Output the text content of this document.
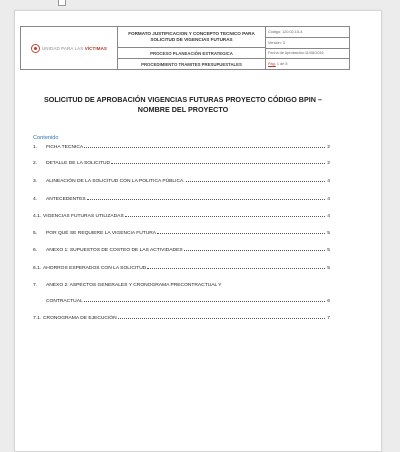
UNIDAD PARA LAS VÍCTIMAS
FORMATO JUSTIFICACION Y CONCEPTO TECNICO PARA SOLICITUD DE VIGENCIAS FUTURAS
PROCESO PLANEACIÓN ESTRATEGICA
PROCEDIMIENTO TRAMITES PRESUPUESTALES
Código: 120.02.15-4
Versión: 3
Fecha de Aprobación:11/08/2016
Pág.
1 de 5
SOLICITUD DE APROBACIÓN VIGENCIAS FUTURAS PROYECTO CÓDIGO BPIN –NOMBRE DEL PROYECTO
Contenido
1.	FICHA TECNICA	2
2.	DETALLE DE LA SOLICITUD	2
3.	ALINEACIÓN DE LA SOLICITUD CON LA POLITICA PÚBLICA.	4
4.	ANTECEDENTES	4
4.1. VIGENCIAS FUTURAS UTILIZADAS	4
5.	POR QUÉ SE REQUIERE LA VIGENCIA FUTURA	5
6.	ANEXO 1: SUPUESTOS DE COSTEO DE LAS ACTIVIDADES	5
6.1. AHORROS ESPERADOS CON LA SOLICITUD	5
7.	ANEXO 2: ASPECTOS GENERALES Y CRONOGRAMA PRECONTRACTUAL Y
CONTRACTUAL	6
7.1. CRONOGRAMA DE EJECUCIÓN	7
